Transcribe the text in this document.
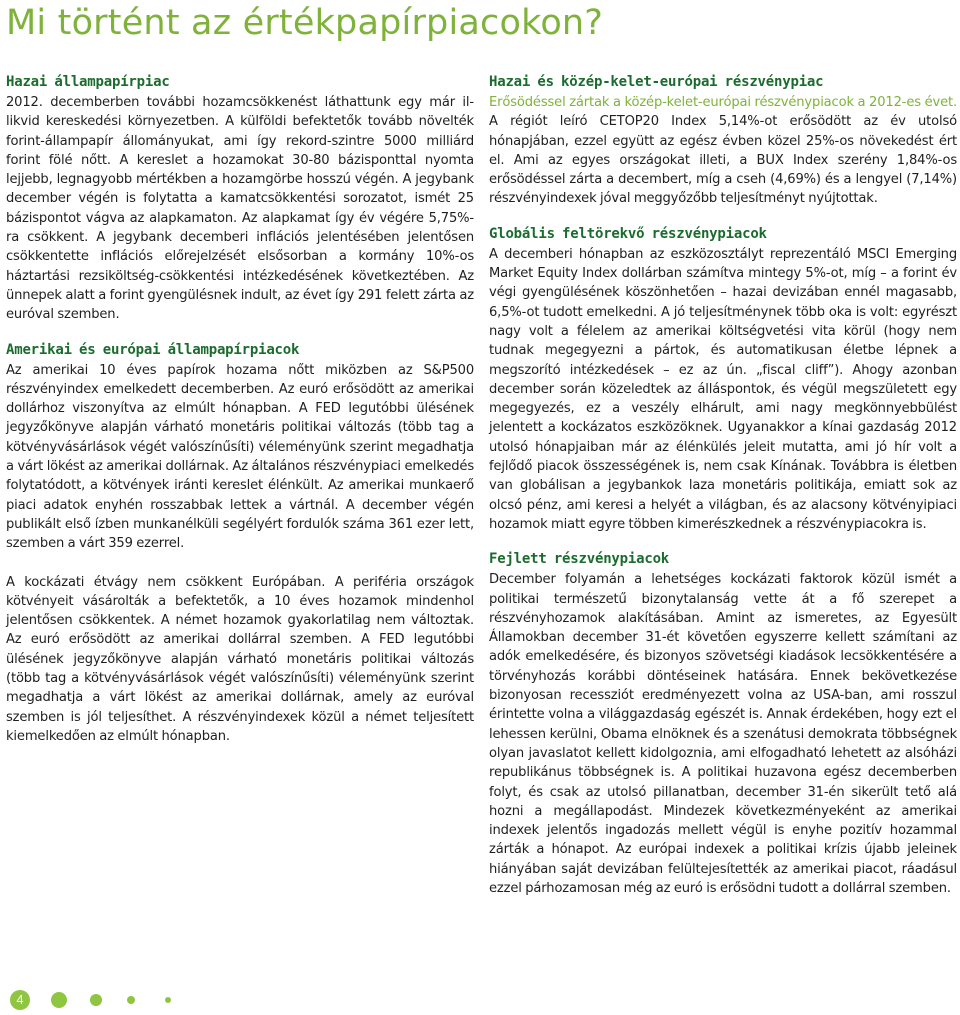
Mi történt az értékpapírpiacokon?
Hazai állampapírpiac

2012. decemberben további hozamcsökkenést láthattunk egy már il-likvid kereskedési környezetben. A külföldi befektetők tovább növelték forint-állampapír állományukat, ami így rekord-szintre 5000 milliárd forint fölé nőtt. A kereslet a hozamokat 30-80 bázisponttal nyomta lejjebb, legnagyobb mértékben a hozamgörbe hosszú végén. A jegybank december végén is folytatta a kamatcsökkentési sorozatot, ismét 25 bázispontot vágva az alapkamaton. Az alapkamat így év végére 5,75%-ra csökkent. A jegybank decemberi inflációs jelentésében jelentősen csökkentette inflációs előrejelzését elsősorban a kormány 10%-os háztartási rezsiköltség-csökkentési intézkedésének következtében. Az ünnepek alatt a forint gyengülésnek indult, az évet így 291 felett zárta az euróval szemben.

Amerikai és európai állampapírpiacok

Az amerikai 10 éves papírok hozama nőtt miközben az S&P500 részvényindex emelkedett decemberben. Az euró erősödött az amerikai dollárhoz viszonyítva az elmúlt hónapban. A FED legutóbbi ülésének jegyzőkönyve alapján várható monetáris politikai változás (több tag a kötvényvásárlások végét valószínűsíti) véleményünk szerint megadhatja a várt lökést az amerikai dollárnak. Az általános részvénypiaci emelkedés folytatódott, a kötvények iránti kereslet élénkült. Az amerikai munkaerő piaci adatok enyhén rosszabbak lettek a vártnál. A december végén publikált első ízben munkanélküli segélyért fordulók száma 361 ezer lett, szemben a várt 359 ezerrel.

A kockázati étvágy nem csökkent Európában. A periféria országok kötvényeit vásárolták a befektetők, a 10 éves hozamok mindenhol jelentősen csökkentek. A német hozamok gyakorlatilag nem változtak. Az euró erősödött az amerikai dollárral szemben. A FED legutóbbi ülésének jegyzőkönyve alapján várható monetáris politikai változás (több tag a kötvényvásárlások végét valószínűsíti) véleményünk szerint megadhatja a várt lökést az amerikai dollárnak, amely az euróval szemben is jól teljesíthet. A részvényindexek közül a német teljesített kiemelkedően az elmúlt hónapban.

Hazai és közép-kelet-európai részvénypiac

Erősödéssel zártak a közép-kelet-európai részvénypiacok a 2012-es évet. A régiót leíró CETOP20 Index 5,14%-ot erősödött az év utolsó hónapjában, ezzel együtt az egész évben közel 25%-os növekedést ért el. Ami az egyes országokat illeti, a BUX Index szerény 1,84%-os erősödéssel zárta a decembert, míg a cseh (4,69%) és a lengyel (7,14%) részvényindexek jóval meggyőzőbb teljesítményt nyújtottak.

Globális feltörekvő részvénypiacok

A decemberi hónapban az eszközosztályt reprezentáló MSCI Emerging Market Equity Index dollárban számítva mintegy 5%-ot, míg – a forint év végi gyengülésének köszönhetően – hazai devizában ennél magasabb, 6,5%-ot tudott emelkedni. A jó teljesítménynek több oka is volt: egyrészt nagy volt a félelem az amerikai költségvetési vita körül (hogy nem tudnak megegyezni a pártok, és automatikusan életbe lépnek a megszorító intézkedések – ez az ún. „fiscal cliff”). Ahogy azonban december során közeledtek az álláspontok, és végül megszületett egy megegyezés, ez a veszély elhárult, ami nagy megkönnyebbülést jelentett a kockázatos eszközöknek. Ugyanakkor a kínai gazdaság 2012 utolsó hónapjaiban már az élénkülés jeleit mutatta, ami jó hír volt a fejlődő piacok összességének is, nem csak Kínának. Továbbra is életben van globálisan a jegybankok laza monetáris politikája, emiatt sok az olcsó pénz, ami keresi a helyét a világban, és az alacsony kötvényipiaci hozamok miatt egyre többen kimerészkednek a részvénypiacokra is.

Fejlett részvénypiacok

December folyamán a lehetséges kockázati faktorok közül ismét a politikai természetű bizonytalanság vette át a fő szerepet a részvényhozamok alakításában. Amint az ismeretes, az Egyesült Államokban december 31-ét követően egyszerre kellett számítani az adók emelkedésére, és bizonyos szövetségi kiadások lecsökkentésére a törvényhozás korábbi döntéseinek hatására. Ennek bekövetkezése bizonyosan recessziót eredményezett volna az USA-ban, ami rosszul érintette volna a világgazdaság egészét is. Annak érdekében, hogy ezt el lehessen kerülni, Obama elnöknek és a szenátusi demokrata többségnek olyan javaslatot kellett kidolgoznia, ami elfogadható lehetett az alsóházi republikánus többségnek is. A politikai huzavona egész decemberben folyt, és csak az utolsó pillanatban, december 31-én sikerült tető alá hozni a megállapodást. Mindezek következményeként az amerikai indexek jelentős ingadozás mellett végül is enyhe pozitív hozammal zárták a hónapot. Az európai indexek a politikai krízis újabb jeleinek hiányában saját devizában felültejesítették az amerikai piacot, ráadásul ezzel párhozamosan még az euró is erősödni tudott a dollárral szemben.

4
